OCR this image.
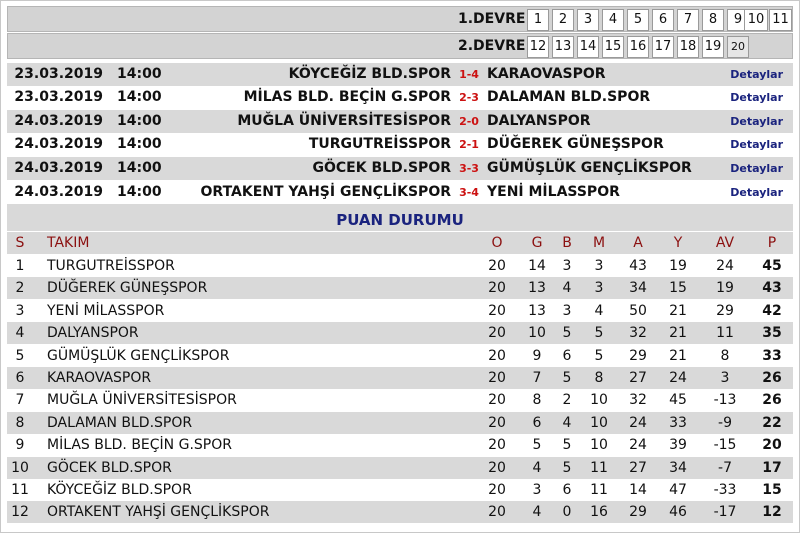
1.DEVRE 1	2	3	4	5	6	7	8	9 10 11
2.DEVRE 12 13 14 15 16 17 18 19 20
23.03.2019 14:00	KÖYCEĞİZ BLD.SPOR 1-4 KARAOVASPOR	Detaylar
23.03.2019 14:00	MİLAS BLD. BEÇİN G.SPOR 2-3 DALAMAN BLD.SPOR	Detaylar
24.03.2019 14:00	MUĞLA ÜNİVERSİTESİSPOR 2-0 DALYANSPOR	Detaylar
24.03.2019 14:00	TURGUTREİSSPOR 2-1 DÜĞEREK GÜNEŞSPOR	Detaylar
24.03.2019 14:00	GÖCEK BLD.SPOR 3-3 GÜMÜŞLÜK GENÇLİKSPOR	Detaylar
24.03.2019 14:00	ORTAKENT YAHŞİ GENÇLİKSPOR 3-4 YENİ MİLASSPOR	Detaylar
PUAN DURUMU
S	TAKIM	O	G	B	M	A	Y	AV	P
1	TURGUTREİSSPOR	20	14	3	3	43	19	24	45
2	DÜĞEREK GÜNEŞSPOR	20	13	4	3	34	15	19	43
3	YENİ MİLASSPOR	20	13	3	4	50	21	29	42
4	DALYANSPOR	20	10	5	5	32	21	11	35
5	GÜMÜŞLÜK GENÇLİKSPOR	20	9	6	5	29	21	8	33
6	KARAOVASPOR	20	7	5	8	27	24	3	26
7	MUĞLA ÜNİVERSİTESİSPOR	20	8	2	10	32	45	-13	26
8	DALAMAN BLD.SPOR	20	6	4	10	24	33	-9	22
9	MİLAS BLD. BEÇİN G.SPOR	20	5	5	10	24	39	-15	20
10 GÖCEK BLD.SPOR	20	4	5	11	27	34	-7	17
11 KÖYCEĞİZ BLD.SPOR	20	3	6	11	14	47	-33	15
12 ORTAKENT YAHŞİ GENÇLİKSPOR	20	4	0	16	29	46	-17	12
